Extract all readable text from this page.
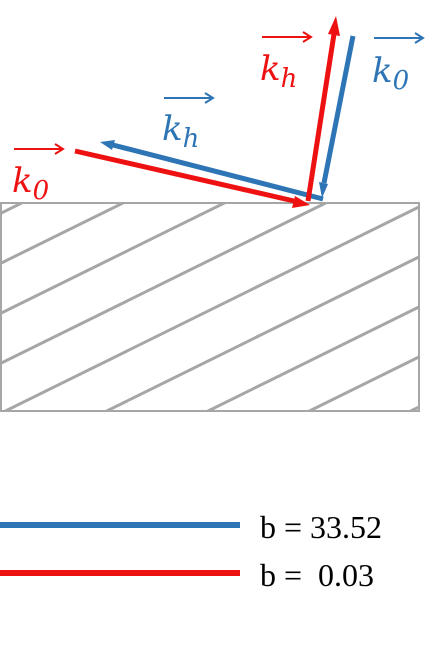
$k_0$
$k_h$
$k_h$ $k_0$
b = 33.52
b =  0.03
